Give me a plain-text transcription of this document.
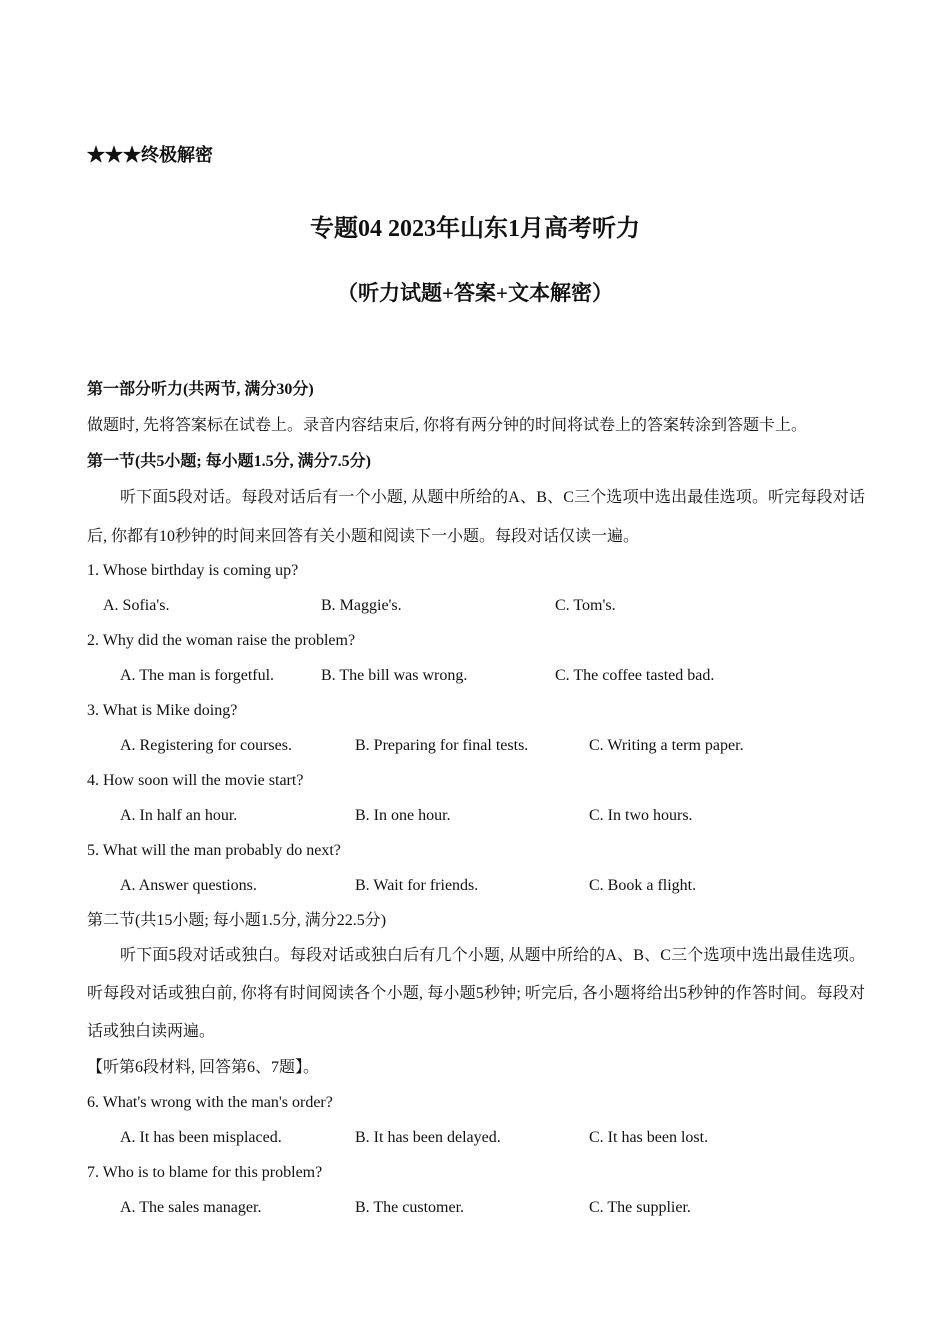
★★★终极解密
专题04 2023年山东1月高考听力
（听力试题+答案+文本解密）
第一部分听力(共两节, 满分30分)
做题时, 先将答案标在试卷上。录音内容结束后, 你将有两分钟的时间将试卷上的答案转涂到答题卡上。
第一节(共5小题; 每小题1.5分, 满分7.5分)
听下面5段对话。每段对话后有一个小题, 从题中所给的A、B、C三个选项中选出最佳选项。听完每段对话后, 你都有10秒钟的时间来回答有关小题和阅读下一小题。每段对话仅读一遍。
1. Whose birthday is coming up?
A. Sofia's.	B. Maggie's.	C. Tom's.
2. Why did the woman raise the problem?
A. The man is forgetful.	B. The bill was wrong.	C. The coffee tasted bad.
3. What is Mike doing?
A. Registering for courses.	B. Preparing for final tests.	C. Writing a term paper.
4. How soon will the movie start?
A. In half an hour.	B. In one hour.	C. In two hours.
5. What will the man probably do next?
A. Answer questions.	B. Wait for friends.	C. Book a flight.
第二节(共15小题; 每小题1.5分, 满分22.5分)
听下面5段对话或独白。每段对话或独白后有几个小题, 从题中所给的A、B、C三个选项中选出最佳选项。听每段对话或独白前, 你将有时间阅读各个小题, 每小题5秒钟; 听完后, 各小题将给出5秒钟的作答时间。每段对话或独白读两遍。
【听第6段材料, 回答第6、7题】。
6. What's wrong with the man's order?
A. It has been misplaced.	B. It has been delayed.	C. It has been lost.
7. Who is to blame for this problem?
A. The sales manager.	B. The customer.	C. The supplier.
